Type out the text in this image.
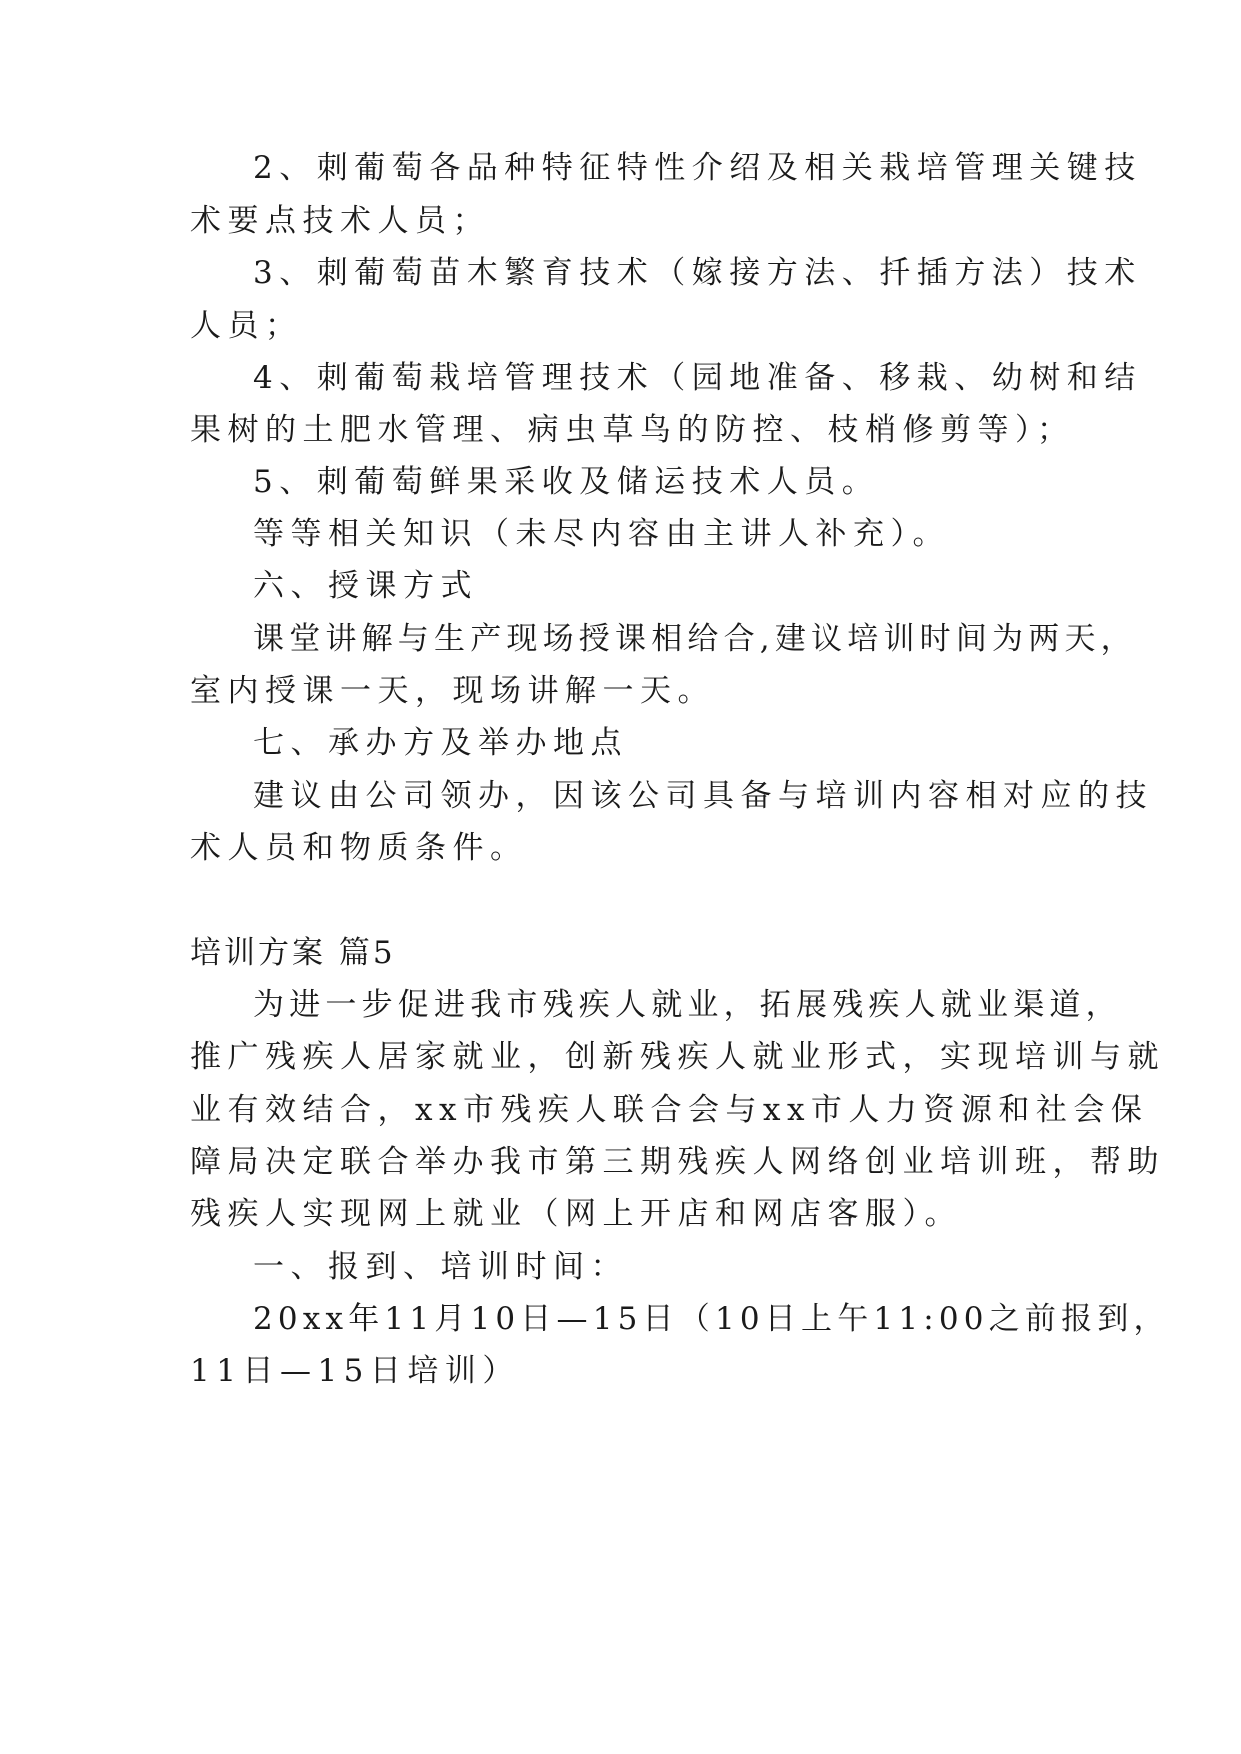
2、刺葡萄各品种特征特性介绍及相关栽培管理关键技
术要点技术人员；
3、刺葡萄苗木繁育技术（嫁接方法、扦插方法）技术
人员；
4、刺葡萄栽培管理技术（园地准备、移栽、幼树和结
果树的土肥水管理、病虫草鸟的防控、枝梢修剪等）；
5、刺葡萄鲜果采收及储运技术人员。
等等相关知识（未尽内容由主讲人补充）。
六、授课方式
课堂讲解与生产现场授课相给合,建议培训时间为两天，
室内授课一天，现场讲解一天。
七、承办方及举办地点
建议由公司领办，因该公司具备与培训内容相对应的技
术人员和物质条件。
培训方案 篇5
为进一步促进我市残疾人就业，拓展残疾人就业渠道，
推广残疾人居家就业，创新残疾人就业形式，实现培训与就
业有效结合，xx市残疾人联合会与xx市人力资源和社会保
障局决定联合举办我市第三期残疾人网络创业培训班，帮助
残疾人实现网上就业（网上开店和网店客服）。
一、报到、培训时间：
20xx年11月10日—15日（10日上午11:00之前报到，
11日—15日培训）
